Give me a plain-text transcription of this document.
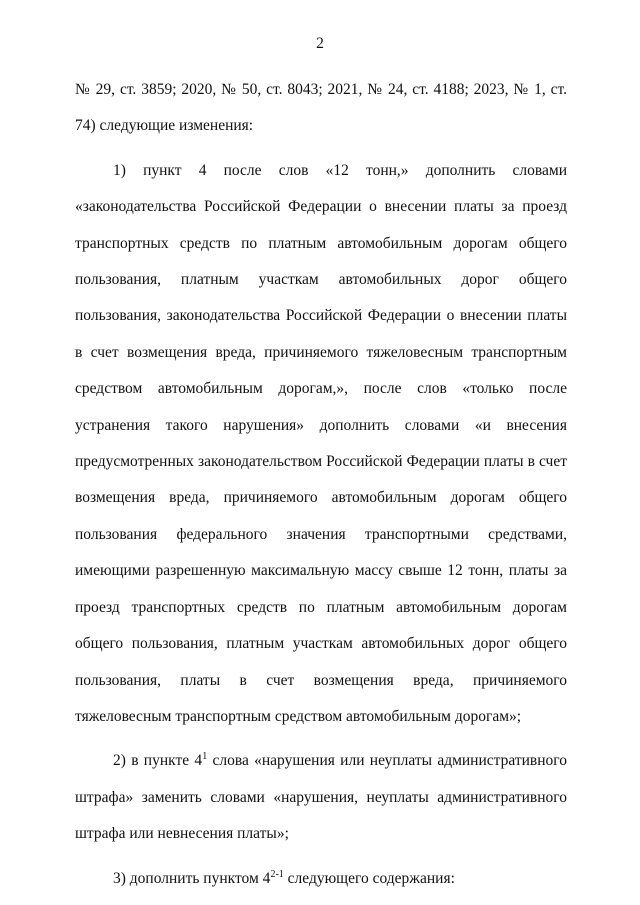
2

№ 29, ст. 3859; 2020, № 50, ст. 8043; 2021, № 24, ст. 4188; 2023, № 1, ст. 74) следующие изменения:

1) пункт 4 после слов «12 тонн,» дополнить словами «законодательства Российской Федерации о внесении платы за проезд транспортных средств по платным автомобильным дорогам общего пользования, платным участкам автомобильных дорог общего пользования, законодательства Российской Федерации о внесении платы в счет возмещения вреда, причиняемого тяжеловесным транспортным средством автомобильным дорогам,», после слов «только после устранения такого нарушения» дополнить словами «и внесения предусмотренных законодательством Российской Федерации платы в счет возмещения вреда, причиняемого автомобильным дорогам общего пользования федерального значения транспортными средствами, имеющими разрешенную максимальную массу свыше 12 тонн, платы за проезд транспортных средств по платным автомобильным дорогам общего пользования, платным участкам автомобильных дорог общего пользования, платы в счет возмещения вреда, причиняемого тяжеловесным транспортным средством автомобильным дорогам»;

2) в пункте $4^1$ слова «нарушения или неуплаты административного штрафа» заменить словами «нарушения, неуплаты административного штрафа или невнесения платы»;

3) дополнить пунктом 4$^{2-1}$ следующего содержания:
